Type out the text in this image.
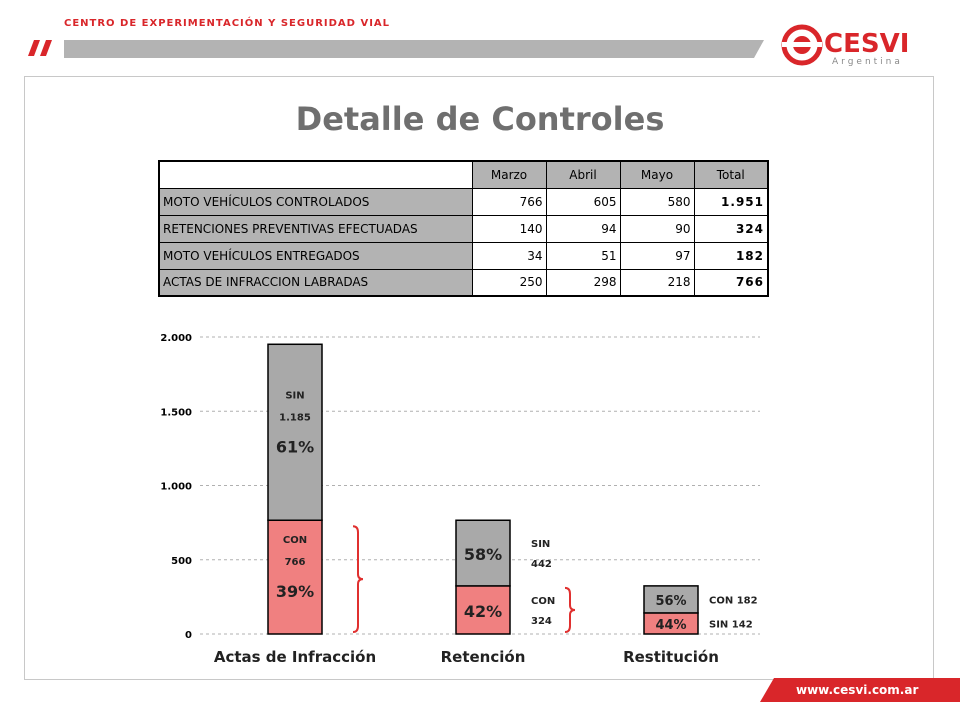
CENTRO DE EXPERIMENTACIÓN Y SEGURIDAD VIAL
CESVI
Argentina
Detalle de Controles
	Marzo	Abril	Mayo	Total
MOTO VEHÍCULOS CONTROLADOS	766	605	580	1.951
RETENCIONES PREVENTIVAS EFECTUADAS	140	94	90	324
MOTO VEHÍCULOS ENTREGADOS	34	51	97	182
ACTAS DE INFRACCION LABRADAS	250	298	218	766
0
500
1.000
1.500
2.000
CON
766
39%
SIN
1.185
61%
Actas de Infracción
42%
CON
324
58%
SIN
442
Retención
44% SIN 142
56% CON 182
Restitución
www.cesvi.com.ar
